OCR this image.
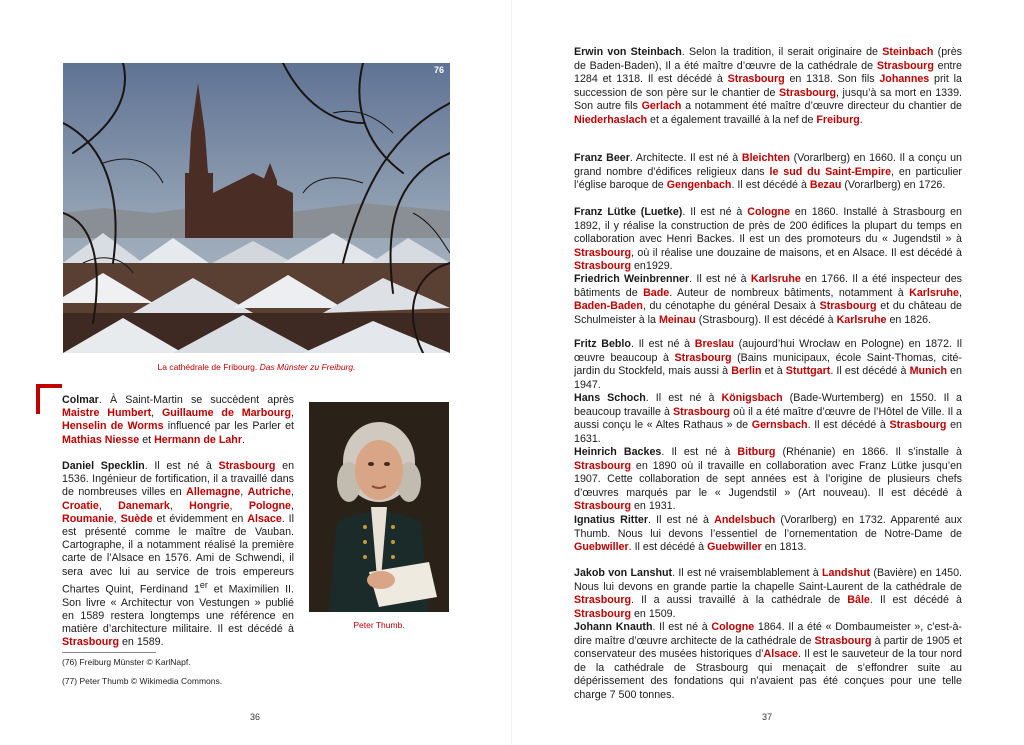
76
La cathédrale de Fribourg. Das Münster zu Freiburg.
Colmar. À Saint-Martin se succèdent après Maistre Humbert, Guillaume de Marbourg, Henselin de Worms influencé par les Parler et Mathias Niesse et Hermann de Lahr.
Daniel Specklin. Il est né à Strasbourg en 1536. Ingénieur de fortification, il a travaillé dans de nombreuses villes en Allemagne, Autriche, Croatie, Danemark, Hongrie, Pologne, Roumanie, Suède et évidemment en Alsace. Il est présenté comme le maître de Vauban. Cartographe, il a notamment réalisé la première carte de l’Alsace en 1576. Ami de Schwendi, il sera avec lui au service de trois empereurs Chartes Quint, Ferdinand 1er et Maximilien II. Son livre « Architectur von Vestungen » publié en 1589 restera longtemps une référence en matière d’architecture militaire. Il est décédé à Strasbourg en 1589.
Peter Thumb.
(76) Freiburg Münster © KarlNapf.
(77) Peter Thumb © Wikimedia Commons.
36	37
Erwin von Steinbach. Selon la tradition, il serait originaire de Steinbach (près de Baden-Baden), Il a été maître d’œuvre de la cathédrale de Strasbourg entre 1284 et 1318. Il est décédé à Strasbourg en 1318. Son fils Johannes prit la succession de son père sur le chantier de Strasbourg, jusqu’à sa mort en 1339. Son autre fils Gerlach a notamment été maître d’œuvre directeur du chantier de Niederhaslach et a également travaillé à la nef de Freiburg.
Franz Beer. Architecte. Il est né à Bleichten (Vorarlberg) en 1660. Il a conçu un grand nombre d’édifices religieux dans le sud du Saint-Empire, en particulier l’église baroque de Gengenbach. Il est décédé à Bezau (Vorarlberg) en 1726.
Franz Lütke (Luetke). Il est né à Cologne en 1860. Installé à Strasbourg en 1892, il y réalise la construction de près de 200 édifices la plupart du temps en collaboration avec Henri Backes. Il est un des promoteurs du « Jugendstil » à Strasbourg, où il réalise une douzaine de maisons, et en Alsace. Il est décédé à Strasbourg en1929.
Friedrich Weinbrenner. Il est né à Karlsruhe en 1766. Il a été inspecteur des bâtiments de Bade. Auteur de nombreux bâtiments, notamment à Karlsruhe, Baden-Baden, du cénotaphe du général Desaix à Strasbourg et du château de Schulmeister à la Meinau (Strasbourg). Il est décédé à Karlsruhe en 1826.
Fritz Beblo. Il est né à Breslau (aujourd’hui Wrocław en Pologne) en 1872. Il œuvre beaucoup à Strasbourg (Bains municipaux, école Saint-Thomas, cité-jardin du Stockfeld, mais aussi à Berlin et à Stuttgart. Il est décédé à Munich en 1947.
Hans Schoch. Il est né à Königsbach (Bade-Wurtemberg) en 1550. Il a beaucoup travaille à Strasbourg où il a été maître d’œuvre de l’Hôtel de Ville. Il a aussi conçu le « Altes Rathaus » de Gernsbach. Il est décédé à Strasbourg en 1631.
Heinrich Backes. Il est né à Bitburg (Rhénanie) en 1866. Il s’installe à Strasbourg en 1890 où il travaille en collaboration avec Franz Lütke jusqu’en 1907. Cette collaboration de sept années est à l’origine de plusieurs chefs d’œuvres marqués par le « Jugendstil » (Art nouveau). Il est décédé à Strasbourg en 1931.
Ignatius Ritter. Il est né à Andelsbuch (Vorarlberg) en 1732. Apparenté aux Thumb. Nous lui devons l’essentiel de l’ornementation de Notre-Dame de Guebwiller. Il est décédé à Guebwiller en 1813.
Jakob von Lanshut. Il est né vraisemblablement à Landshut (Bavière) en 1450. Nous lui devons en grande partie la chapelle Saint-Laurent de la cathédrale de Strasbourg. Il a aussi travaillé à la cathédrale de Bâle. Il est décédé à Strasbourg en 1509.
Johann Knauth. Il est né à Cologne 1864. Il a été « Dombaumeister », c’est-à-dire maître d’œuvre architecte de la cathédrale de Strasbourg à partir de 1905 et conservateur des musées historiques d’Alsace. Il est le sauveteur de la tour nord de la cathédrale de Strasbourg qui menaçait de s’effondrer suite au dépérissement des fondations qui n’avaient pas été conçues pour une telle charge 7 500 tonnes.
